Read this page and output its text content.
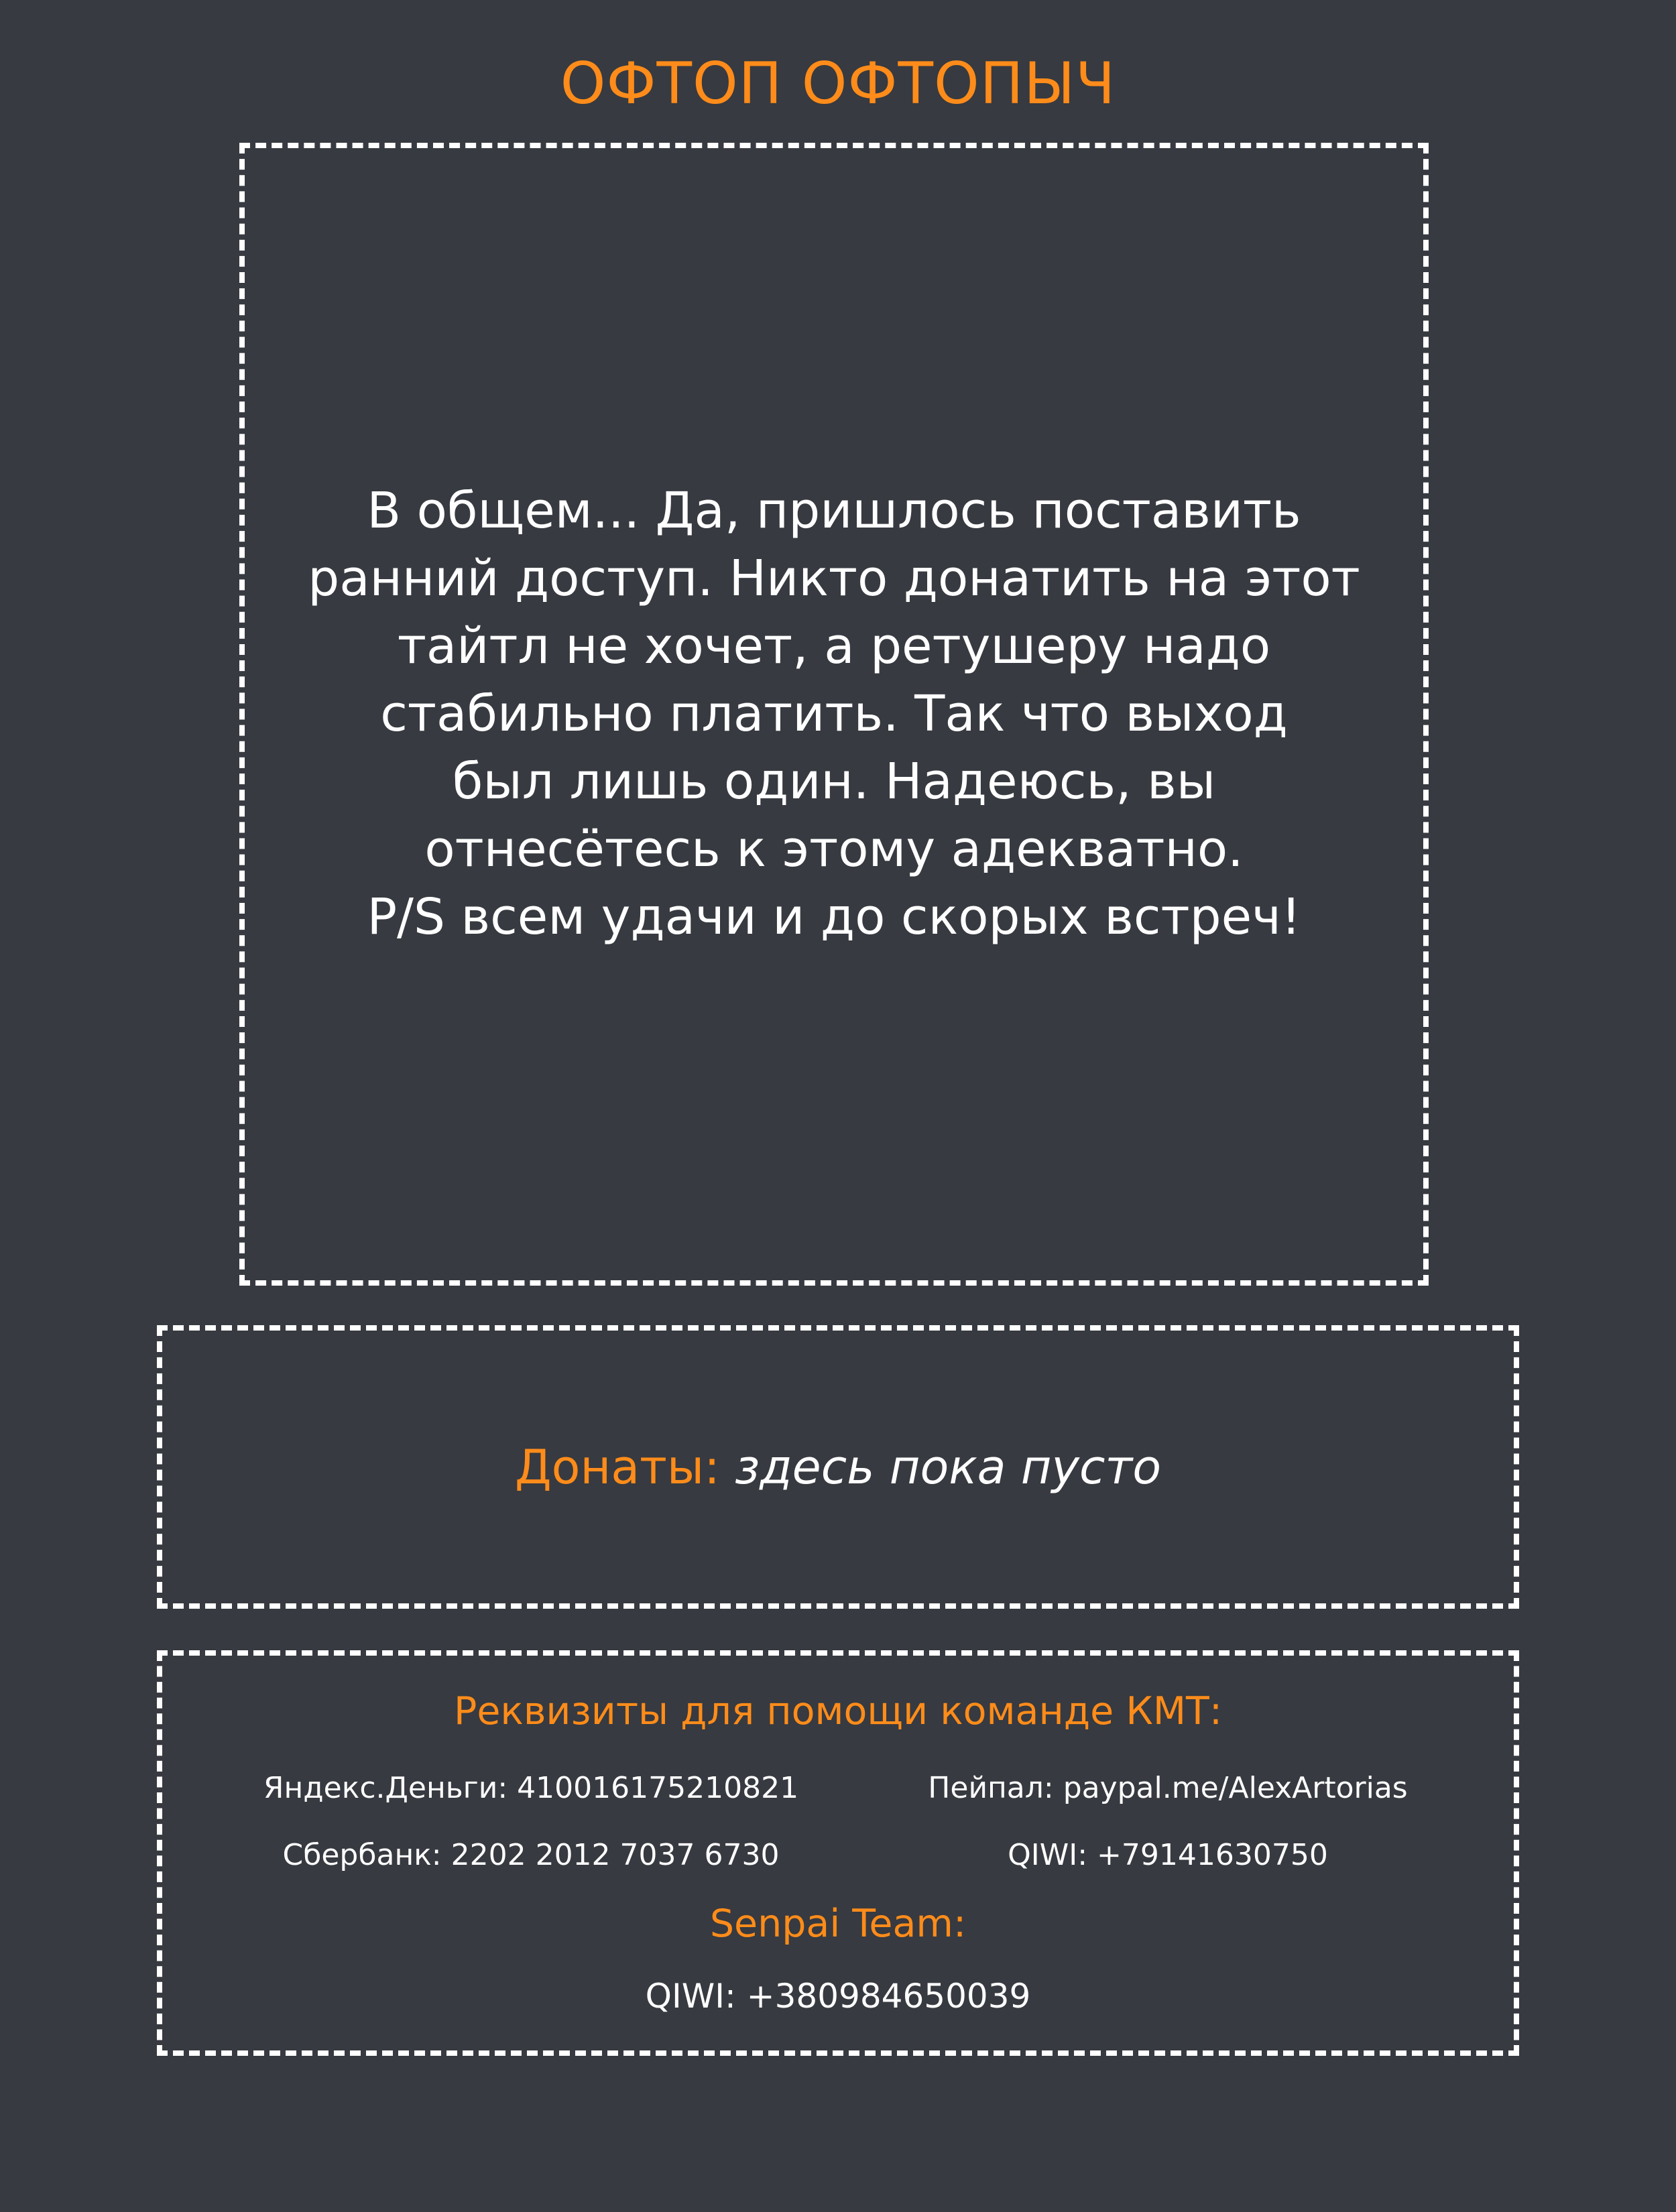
ОФТОП ОФТОПЫЧ

В общем... Да, пришлось поставить
ранний доступ. Никто донатить на этот
тайтл не хочет, а ретушеру надо
стабильно платить. Так что выход
был лишь один. Надеюсь, вы
отнесётесь к этому адекватно.
P/S всем удачи и до скорых встреч!

Донаты: здесь пока пусто
Реквизиты для помощи команде КМТ:
Яндекс.Деньги: 410016175210821	Пейпал: paypal.me/AlexArtorias
Сбербанк: 2202 2012 7037 6730	QIWI: +79141630750
Senpai Team:
QIWI: +380984650039
